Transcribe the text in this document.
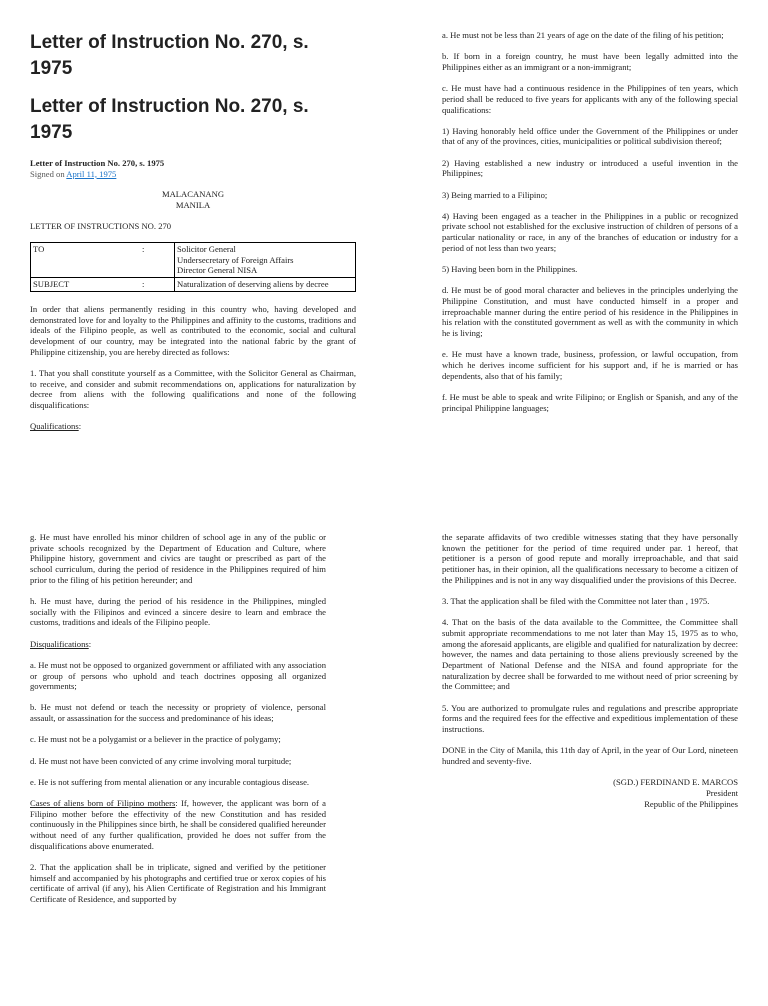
Letter of Instruction No. 270, s. 1975
Letter of Instruction No. 270, s. 1975

Letter of Instruction No. 270, s. 1975

Signed on April 11, 1975

MALACANANG

MANILA

LETTER OF INSTRUCTIONS NO. 270

TO	:	Solicitor General
Undersecretary of Foreign Affairs
Director General NISA

SUBJECT	:	Naturalization of deserving aliens by decree

In order that aliens permanently residing in this country who, having developed and demonstrated love for and loyalty to the Philippines and affinity to the customs, traditions and ideals of the Filipino people, as well as contributed to the economic, social and cultural development of our country, may be integrated into the national fabric by the grant of Philippine citizenship, you are hereby directed as follows:

1. That you shall constitute yourself as a Committee, with the Solicitor General as Chairman, to receive, and consider and submit recommendations on, applications for naturalization by decree from aliens with the following qualifications and none of the following disqualifications:

Qualifications:

a. He must not be less than 21 years of age on the date of the filing of his petition;

b. If born in a foreign country, he must have been legally admitted into the Philippines either as an immigrant or a non-immigrant;

c. He must have had a continuous residence in the Philippines of ten years, which period shall be reduced to five years for applicants with any of the following special qualifications:

1) Having honorably held office under the Government of the Philippines or under that of any of the provinces, cities, municipalities or political subdivision thereof;

2) Having established a new industry or introduced a useful invention in the Philippines;

3) Being married to a Filipino;

4) Having been engaged as a teacher in the Philippines in a public or recognized private school not established for the exclusive instruction of children of persons of a particular nationality or race, in any of the branches of education or industry for a period of not less than two years;

5) Having been born in the Philippines.

d. He must be of good moral character and believes in the principles underlying the Philippine Constitution, and must have conducted himself in a proper and irreproachable manner during the entire period of his residence in the Philippines in his relation with the constituted government as well as with the community in which he is living;

e. He must have a known trade, business, profession, or lawful occupation, from which he derives income sufficient for his support and, if he is married or has dependents, also that of his family;

f. He must be able to speak and write Filipino; or English or Spanish, and any of the principal Philippine languages;

g. He must have enrolled his minor children of school age in any of the public or private schools recognized by the Department of Education and Culture, where Philippine history, government and civics are taught or prescribed as part of the school curriculum, during the period of residence in the Philippines required of him prior to the filing of his petition hereunder; and

h. He must have, during the period of his residence in the Philippines, mingled socially with the Filipinos and evinced a sincere desire to learn and embrace the customs, traditions and ideals of the Filipino people.

Disqualifications:

a. He must not be opposed to organized government or affiliated with any association or group of persons who uphold and teach doctrines opposing all organized governments;

b. He must not defend or teach the necessity or propriety of violence, personal assault, or assassination for the success and predominance of his ideas;

c. He must not be a polygamist or a believer in the practice of polygamy;

d. He must not have been convicted of any crime involving moral turpitude;

e. He is not suffering from mental alienation or any incurable contagious disease.

Cases of aliens born of Filipino mothers: If, however, the applicant was born of a Filipino mother before the effectivity of the new Constitution and has resided continuously in the Philippines since birth, he shall be considered qualified hereunder without need of any further qualification, provided he does not suffer from the disqualifications above enumerated.

2. That the application shall be in triplicate, signed and verified by the petitioner himself and accompanied by his photographs and certified true or xerox copies of his certificate of arrival (if any), his Alien Certificate of Registration and his Immigrant Certificate of Residence, and supported by

the separate affidavits of two credible witnesses stating that they have personally known the petitioner for the period of time required under par. 1 hereof, that petitioner is a person of good repute and morally irreproachable, and that said petitioner has, in their opinion, all the qualifications necessary to become a citizen of the Philippines and is not in any way disqualified under the provisions of this Decree.

3. That the application shall be filed with the Committee not later than , 1975.

4. That on the basis of the data available to the Committee, the Committee shall submit appropriate recommendations to me not later than May 15, 1975 as to who, among the aforesaid applicants, are eligible and qualified for naturalization by decree: however, the names and data pertaining to those aliens previously screened by the Department of National Defense and the NISA and found appropriate for the naturalization by decree shall be forwarded to me without need of prior screening by the Committee; and

5. You are authorized to promulgate rules and regulations and prescribe appropriate forms and the required fees for the effective and expeditious implementation of these instructions.

DONE in the City of Manila, this 11th day of April, in the year of Our Lord, nineteen hundred and seventy-five.

(SGD.) FERDINAND E. MARCOS

President

Republic of the Philippines
